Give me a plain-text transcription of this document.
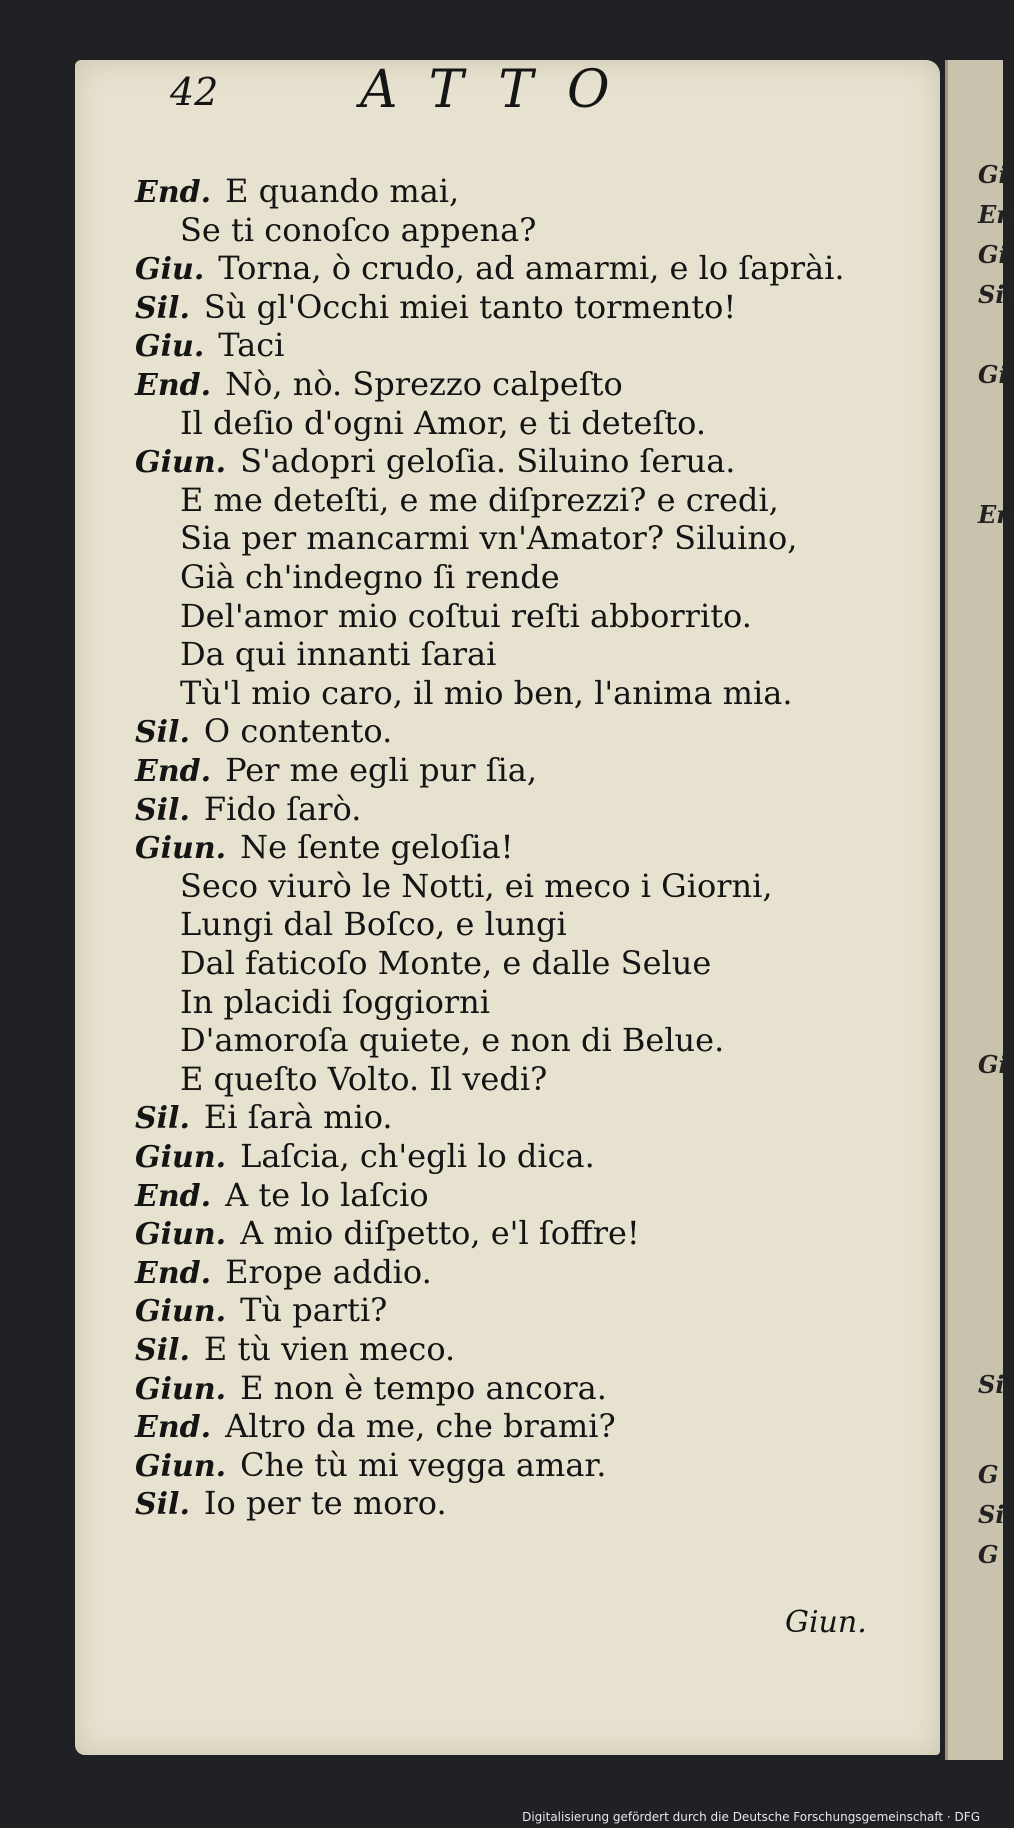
Gi
En
Gi
Sil
Gi
En
Gi
Si
G
Si
G
42	ATTO
End. E quando mai,
Se ti conoſco appena?
Giu. Torna, ò crudo, ad amarmi, e lo ſaprài.
Sil. Sù gl'Occhi miei tanto tormento!
Giu. Taci
End. Nò, nò. Sprezzo calpeſto
Il deſio d'ogni Amor, e ti deteſto.
Giun. S'adopri geloſia. Siluino ſerua.
E me deteſti, e me diſprezzi? e credi,
Sia per mancarmi vn'Amator? Siluino,
Già ch'indegno ſi rende
Del'amor mio coſtui reſti abborrito.
Da qui innanti ſarai
Tù'l mio caro, il mio ben, l'anima mia.
Sil. O contento.
End. Per me egli pur ſia,
Sil. Fido ſarò.
Giun. Ne ſente geloſia!
Seco viurò le Notti, ei meco i Giorni,
Lungi dal Boſco, e lungi
Dal faticoſo Monte, e dalle Selue
In placidi ſoggiorni
D'amoroſa quiete, e non di Belue.
E queſto Volto. Il vedi?
Sil. Ei ſarà mio.
Giun. Laſcia, ch'egli lo dica.
End. A te lo laſcio
Giun. A mio diſpetto, e'l ſoffre!
End. Erope addio.
Giun. Tù parti?
Sil. E tù vien meco.
Giun. E non è tempo ancora.
End. Altro da me, che brami?
Giun. Che tù mi vegga amar.
Sil. Io per te moro.
Giun.
Digitalisierung gefördert durch die Deutsche Forschungsgemeinschaft · DFG
